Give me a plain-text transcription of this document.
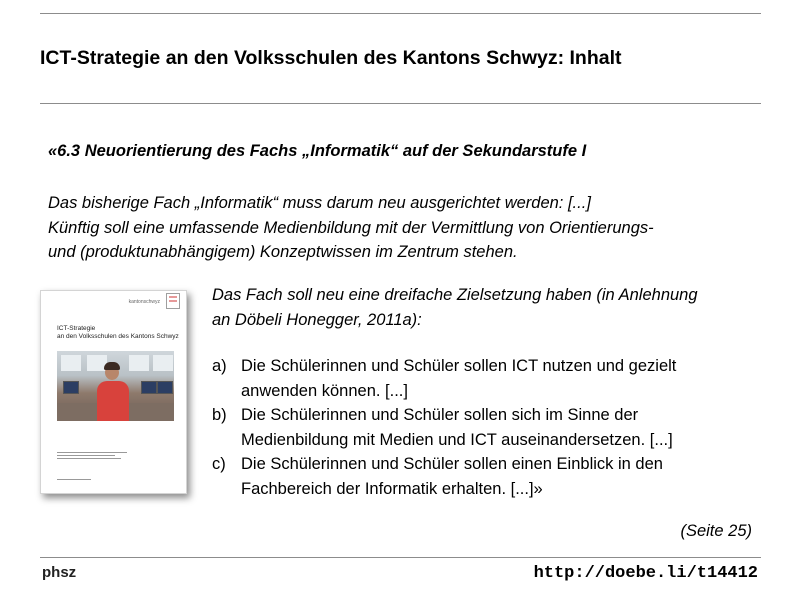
ICT-Strategie an den Volksschulen des Kantons Schwyz: Inhalt
«6.3 Neuorientierung des Fachs „Informatik“ auf der Sekundarstufe I
Das bisherige Fach „Informatik“ muss darum neu ausgerichtet werden: [...]
Künftig soll eine umfassende Medienbildung mit der Vermittlung von Orientierungs-
und (produktunabhängigem) Konzeptwissen im Zentrum stehen.
kantonschwyz
ICT-Strategie
an den Volksschulen des Kantons Schwyz
Das Fach soll neu eine dreifache Zielsetzung haben (in Anlehnung
an Döbeli Honegger, 2011a):
a) Die Schülerinnen und Schüler sollen ICT nutzen und gezielt
anwenden können. [...]
b) Die Schülerinnen und Schüler sollen sich im Sinne der
Medienbildung mit Medien und ICT auseinandersetzen. [...]
c) Die Schülerinnen und Schüler sollen einen Einblick in den
Fachbereich der Informatik erhalten. [...]»
(Seite 25)
phsz	http://doebe.li/t14412
